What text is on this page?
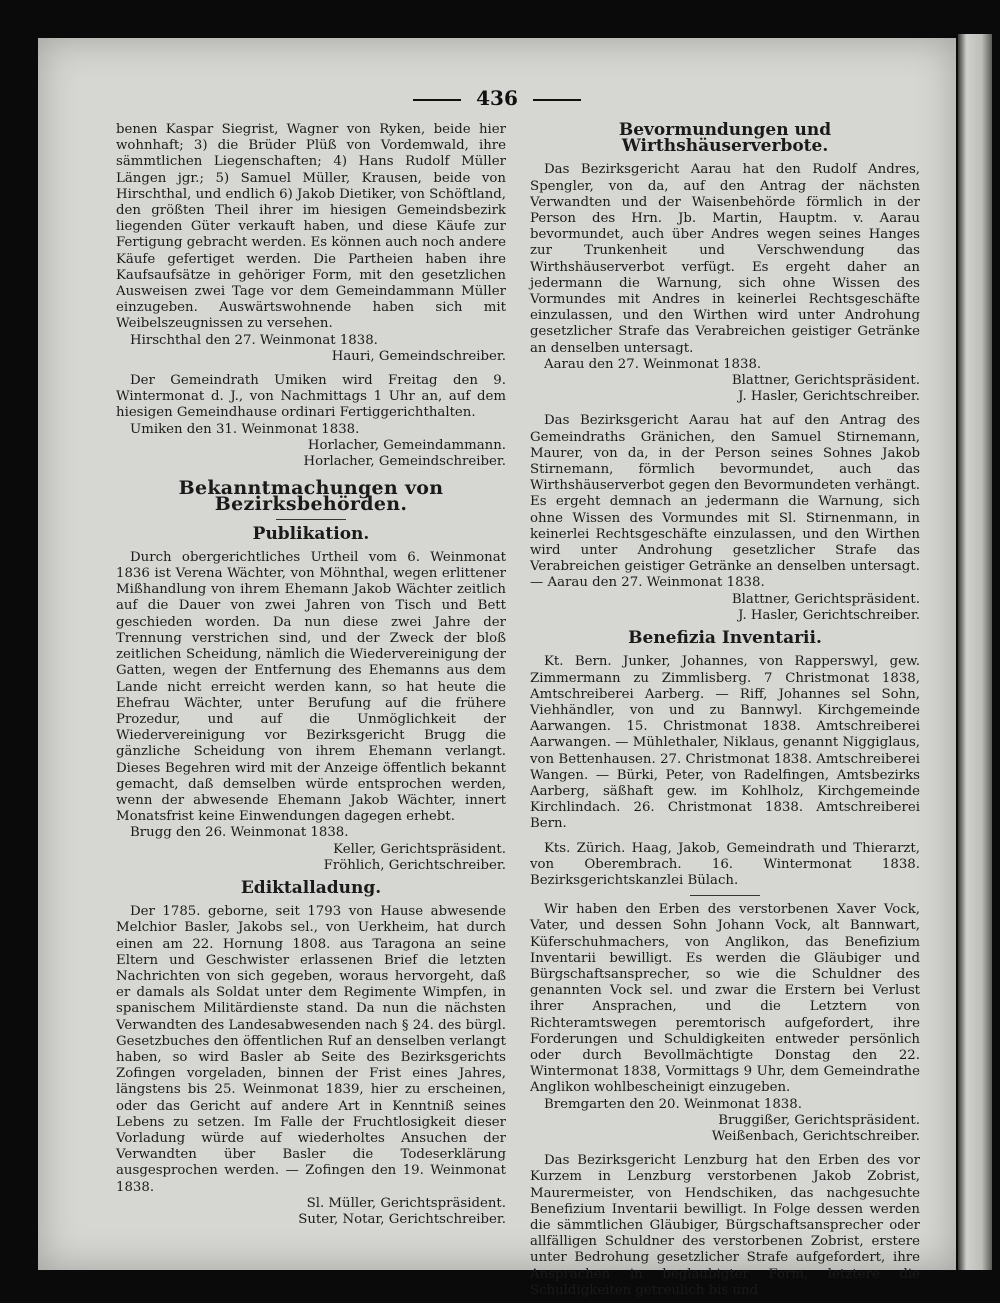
436

benen Kaspar Siegrist, Wagner von Ryken, beide hier wohnhaft; 3) die Brüder Plüß von Vordemwald, ihre sämmtlichen Liegenschaften; 4) Hans Rudolf Müller Längen jgr.; 5) Samuel Müller, Krausen, beide von Hirschthal, und endlich 6) Jakob Dietiker, von Schöftland, den größten Theil ihrer im hiesigen Gemeindsbezirk liegenden Güter verkauft haben, und diese Käufe zur Fertigung gebracht werden. Es können auch noch andere Käufe gefertiget werden. Die Partheien haben ihre Kaufsaufsätze in gehöriger Form, mit den gesetzlichen Ausweisen zwei Tage vor dem Gemeindammann Müller einzugeben. Auswärtswohnende haben sich mit Weibelszeugnissen zu versehen.

Hirschthal den 27. Weinmonat 1838.

Hauri, Gemeindschreiber.

Der Gemeindrath Umiken wird Freitag den 9. Wintermonat d. J., von Nachmittags 1 Uhr an, auf dem hiesigen Gemeindhause ordinari Fertiggerichthalten.

Umiken den 31. Weinmonat 1838.

Horlacher, Gemeindammann.

Horlacher, Gemeindschreiber.

Bekanntmachungen von Bezirksbehörden.
Publikation.

Durch obergerichtliches Urtheil vom 6. Weinmonat 1836 ist Verena Wächter, von Möhnthal, wegen erlittener Mißhandlung von ihrem Ehemann Jakob Wächter zeitlich auf die Dauer von zwei Jahren von Tisch und Bett geschieden worden. Da nun diese zwei Jahre der Trennung verstrichen sind, und der Zweck der bloß zeitlichen Scheidung, nämlich die Wiedervereinigung der Gatten, wegen der Entfernung des Ehemanns aus dem Lande nicht erreicht werden kann, so hat heute die Ehefrau Wächter, unter Berufung auf die frühere Prozedur, und auf die Unmöglichkeit der Wiedervereinigung vor Bezirksgericht Brugg die gänzliche Scheidung von ihrem Ehemann verlangt. Dieses Begehren wird mit der Anzeige öffentlich bekannt gemacht, daß demselben würde entsprochen werden, wenn der abwesende Ehemann Jakob Wächter, innert Monatsfrist keine Einwendungen dagegen erhebt.

Brugg den 26. Weinmonat 1838.

Keller, Gerichtspräsident.

Fröhlich, Gerichtschreiber.

Ediktalladung.

Der 1785. geborne, seit 1793 von Hause abwesende Melchior Basler, Jakobs sel., von Uerkheim, hat durch einen am 22. Hornung 1808. aus Taragona an seine Eltern und Geschwister erlassenen Brief die letzten Nachrichten von sich gegeben, woraus hervorgeht, daß er damals als Soldat unter dem Regimente Wimpfen, in spanischem Militärdienste stand. Da nun die nächsten Verwandten des Landesabwesenden nach § 24. des bürgl. Gesetzbuches den öffentlichen Ruf an denselben verlangt haben, so wird Basler ab Seite des Bezirksgerichts Zofingen vorgeladen, binnen der Frist eines Jahres, längstens bis 25. Weinmonat 1839, hier zu erscheinen, oder das Gericht auf andere Art in Kenntniß seines Lebens zu setzen. Im Falle der Fruchtlosigkeit dieser Vorladung würde auf wiederholtes Ansuchen der Verwandten über Basler die Todeserklärung ausgesprochen werden. — Zofingen den 19. Weinmonat 1838.

Sl. Müller, Gerichtspräsident.

Suter, Notar, Gerichtschreiber.

Bevormundungen und Wirthshäuserverbote.

Das Bezirksgericht Aarau hat den Rudolf Andres, Spengler, von da, auf den Antrag der nächsten Verwandten und der Waisenbehörde förmlich in der Person des Hrn. Jb. Martin, Hauptm. v. Aarau bevormundet, auch über Andres wegen seines Hanges zur Trunkenheit und Verschwendung das Wirthshäuserverbot verfügt. Es ergeht daher an jedermann die Warnung, sich ohne Wissen des Vormundes mit Andres in keinerlei Rechtsgeschäfte einzulassen, und den Wirthen wird unter Androhung gesetzlicher Strafe das Verabreichen geistiger Getränke an denselben untersagt.

Aarau den 27. Weinmonat 1838.

Blattner, Gerichtspräsident.

J. Hasler, Gerichtschreiber.

Das Bezirksgericht Aarau hat auf den Antrag des Gemeindraths Gränichen, den Samuel Stirnemann, Maurer, von da, in der Person seines Sohnes Jakob Stirnemann, förmlich bevormundet, auch das Wirthshäuserverbot gegen den Bevormundeten verhängt. Es ergeht demnach an jedermann die Warnung, sich ohne Wissen des Vormundes mit Sl. Stirnenmann, in keinerlei Rechtsgeschäfte einzulassen, und den Wirthen wird unter Androhung gesetzlicher Strafe das Verabreichen geistiger Getränke an denselben untersagt. — Aarau den 27. Weinmonat 1838.

Blattner, Gerichtspräsident.

J. Hasler, Gerichtschreiber.

Benefizia Inventarii.

Kt. Bern. Junker, Johannes, von Rapperswyl, gew. Zimmermann zu Zimmlisberg. 7 Christmonat 1838, Amtschreiberei Aarberg. — Riff, Johannes sel Sohn, Viehhändler, von und zu Bannwyl. Kirchgemeinde Aarwangen. 15. Christmonat 1838. Amtschreiberei Aarwangen. — Mühlethaler, Niklaus, genannt Niggiglaus, von Bettenhausen. 27. Christmonat 1838. Amtschreiberei Wangen. — Bürki, Peter, von Radelfingen, Amtsbezirks Aarberg, säßhaft gew. im Kohlholz, Kirchgemeinde Kirchlindach. 26. Christmonat 1838. Amtschreiberei Bern.

Kts. Zürich. Haag, Jakob, Gemeindrath und Thierarzt, von Oberembrach. 16. Wintermonat 1838. Bezirksgerichtskanzlei Bülach.

Wir haben den Erben des verstorbenen Xaver Vock, Vater, und dessen Sohn Johann Vock, alt Bannwart, Küferschuhmachers, von Anglikon, das Benefizium Inventarii bewilligt. Es werden die Gläubiger und Bürgschaftsansprecher, so wie die Schuldner des genannten Vock sel. und zwar die Erstern bei Verlust ihrer Ansprachen, und die Letztern von Richteramtswegen peremtorisch aufgefordert, ihre Forderungen und Schuldigkeiten entweder persönlich oder durch Bevollmächtigte Donstag den 22. Wintermonat 1838, Vormittags 9 Uhr, dem Gemeindrathe Anglikon wohlbescheinigt einzugeben.

Bremgarten den 20. Weinmonat 1838.

Bruggißer, Gerichtspräsident.

Weißenbach, Gerichtschreiber.

Das Bezirksgericht Lenzburg hat den Erben des vor Kurzem in Lenzburg verstorbenen Jakob Zobrist, Maurermeister, von Hendschiken, das nachgesuchte Benefizium Inventarii bewilligt. In Folge dessen werden die sämmtlichen Gläubiger, Bürgschaftsansprecher oder allfälligen Schuldner des verstorbenen Zobrist, erstere unter Bedrohung gesetzlicher Strafe aufgefordert, ihre Ansprachen in beglaubigter Form, letztere die Schuldigkeiten getreulich bis und
